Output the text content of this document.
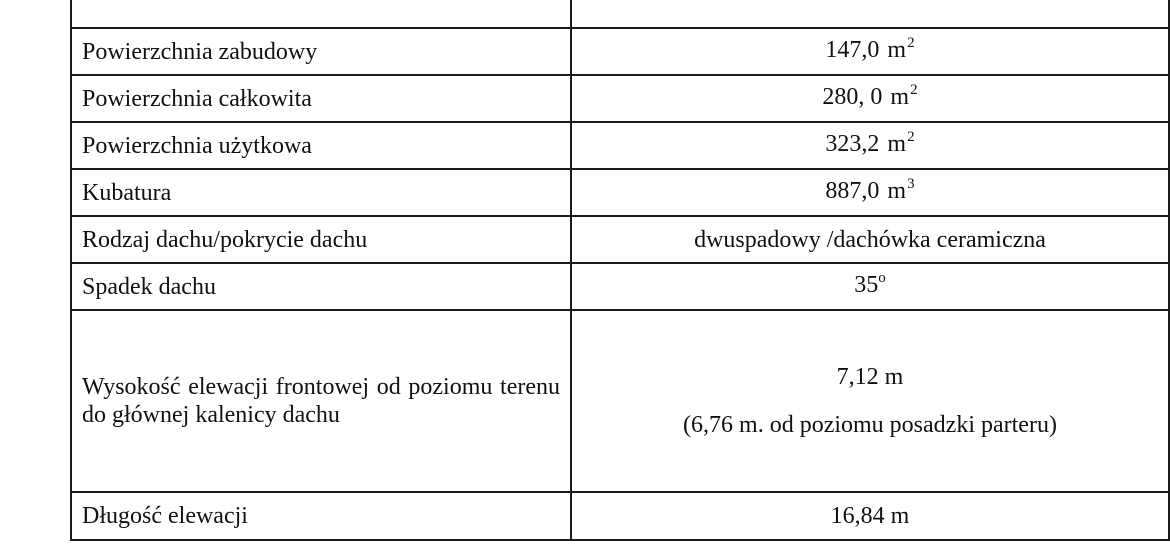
Powierzchnia zabudowy	147,0 $m^2$
Powierzchnia całkowita	280, 0 $m^2$
Powierzchnia użytkowa	323,2 $m^2$
Kubatura	887,0 $m^3$
Rodzaj dachu/pokrycie dachu	dwuspadowy /dachówka ceramiczna
Spadek dachu	35$^o$
Wysokość elewacji frontowej od poziomu terenu do głównej kalenicy dachu	7,12 m
(6,76 m. od poziomu posadzki parteru)

Długość elewacji	16,84 m
